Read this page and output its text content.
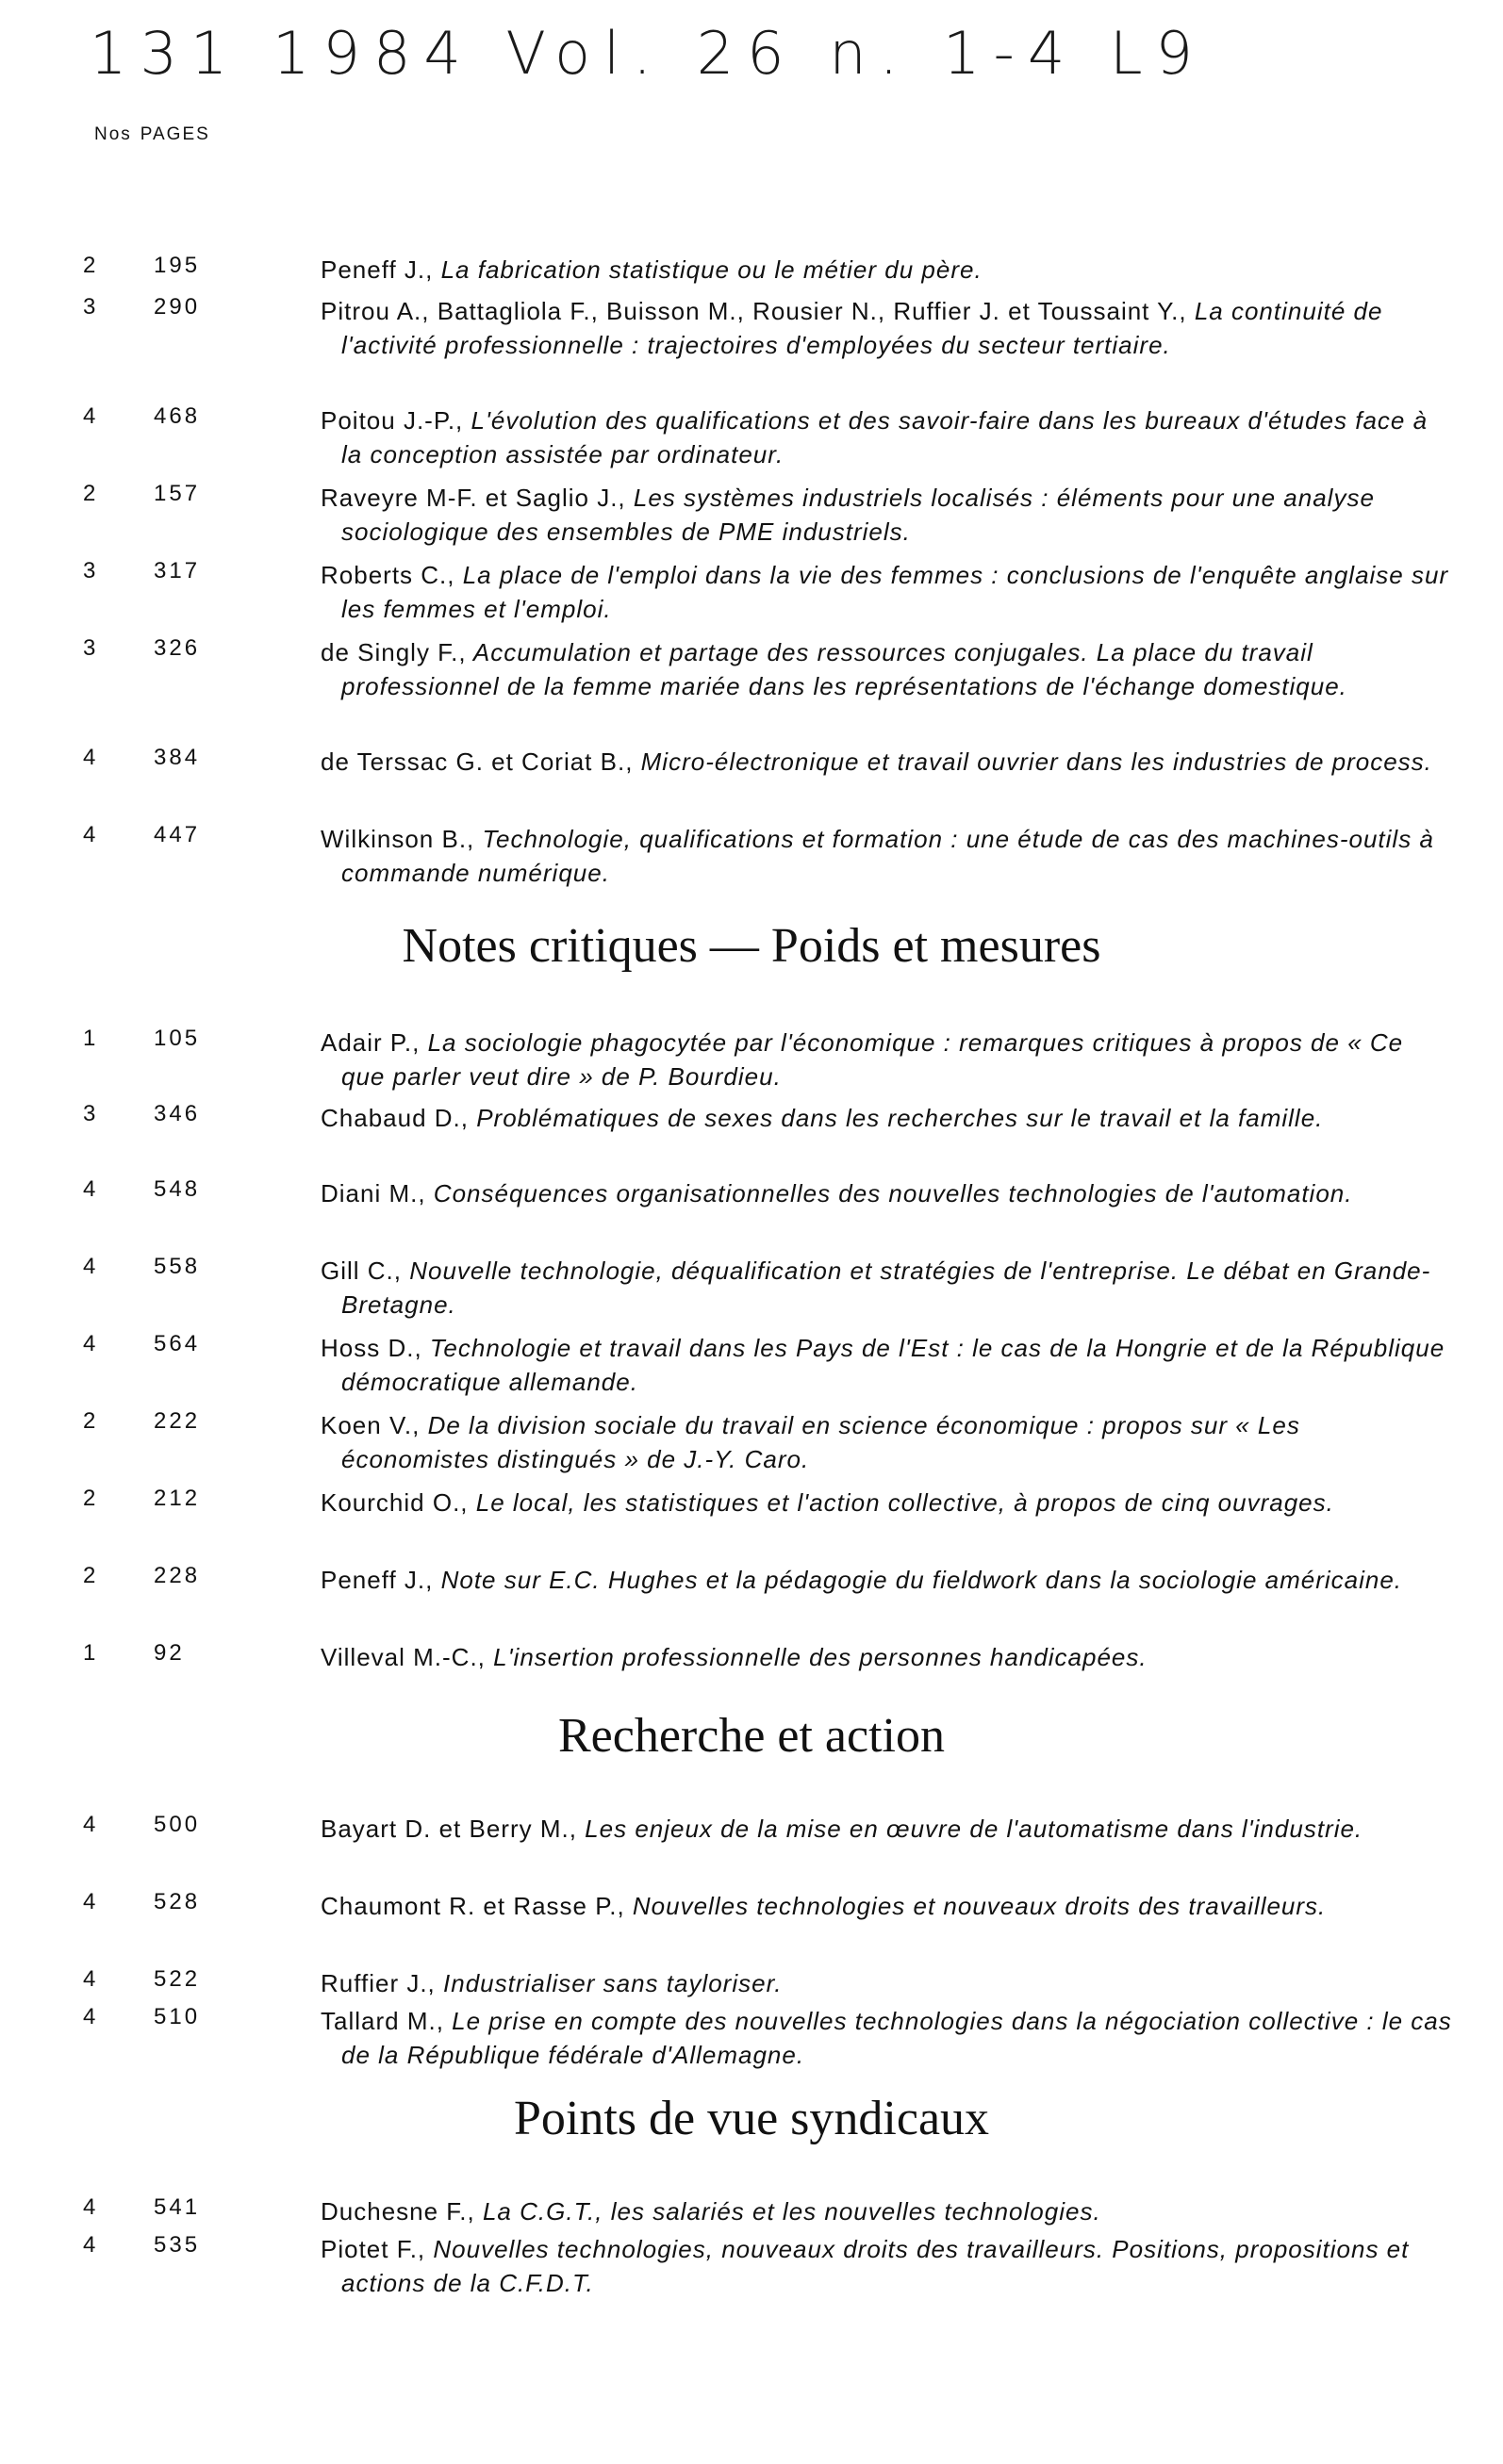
131 1984 Vol. 26 n. 1-4 L9
Nos PAGES
2	195	Peneff J., La fabrication statistique ou le métier du père.
3	290	Pitrou A., Battagliola F., Buisson M., Rousier N., Ruffier J. et Toussaint Y., La continuité de l'activité professionnelle : trajectoires d'employées du secteur tertiaire.
4	468	Poitou J.-P., L'évolution des qualifications et des savoir-faire dans les bureaux d'études face à la conception assistée par ordinateur.
2	157	Raveyre M-F. et Saglio J., Les systèmes industriels localisés : éléments pour une analyse sociologique des ensembles de PME industriels.
3	317	Roberts C., La place de l'emploi dans la vie des femmes : conclusions de l'enquête anglaise sur les femmes et l'emploi.
3	326	de Singly F., Accumulation et partage des ressources conjugales. La place du travail professionnel de la femme mariée dans les représentations de l'échange domestique.
4	384	de Terssac G. et Coriat B., Micro-électronique et travail ouvrier dans les industries de process.
4	447	Wilkinson B., Technologie, qualifications et formation : une étude de cas des machines-outils à commande numérique.
Notes critiques — Poids et mesures
1	105	Adair P., La sociologie phagocytée par l'économique : remarques critiques à propos de « Ce que parler veut dire » de P. Bourdieu.
3	346	Chabaud D., Problématiques de sexes dans les recherches sur le travail et la famille.
4	548	Diani M., Conséquences organisationnelles des nouvelles technologies de l'automation.
4	558	Gill C., Nouvelle technologie, déqualification et stratégies de l'entreprise. Le débat en Grande-Bretagne.
4	564	Hoss D., Technologie et travail dans les Pays de l'Est : le cas de la Hongrie et de la République démocratique allemande.
2	222	Koen V., De la division sociale du travail en science économique : propos sur « Les économistes distingués » de J.-Y. Caro.
2	212	Kourchid O., Le local, les statistiques et l'action collective, à propos de cinq ouvrages.
2	228	Peneff J., Note sur E.C. Hughes et la pédagogie du fieldwork dans la sociologie américaine.
1	92	Villeval M.-C., L'insertion professionnelle des personnes handicapées.
Recherche et action
4	500	Bayart D. et Berry M., Les enjeux de la mise en œuvre de l'automatisme dans l'industrie.
4	528	Chaumont R. et Rasse P., Nouvelles technologies et nouveaux droits des travailleurs.
4	522	Ruffier J., Industrialiser sans tayloriser.
4	510	Tallard M., Le prise en compte des nouvelles technologies dans la négociation collective : le cas de la République fédérale d'Allemagne.
Points de vue syndicaux
4	541	Duchesne F., La C.G.T., les salariés et les nouvelles technologies.
4	535	Piotet F., Nouvelles technologies, nouveaux droits des travailleurs. Positions, propositions et actions de la C.F.D.T.
